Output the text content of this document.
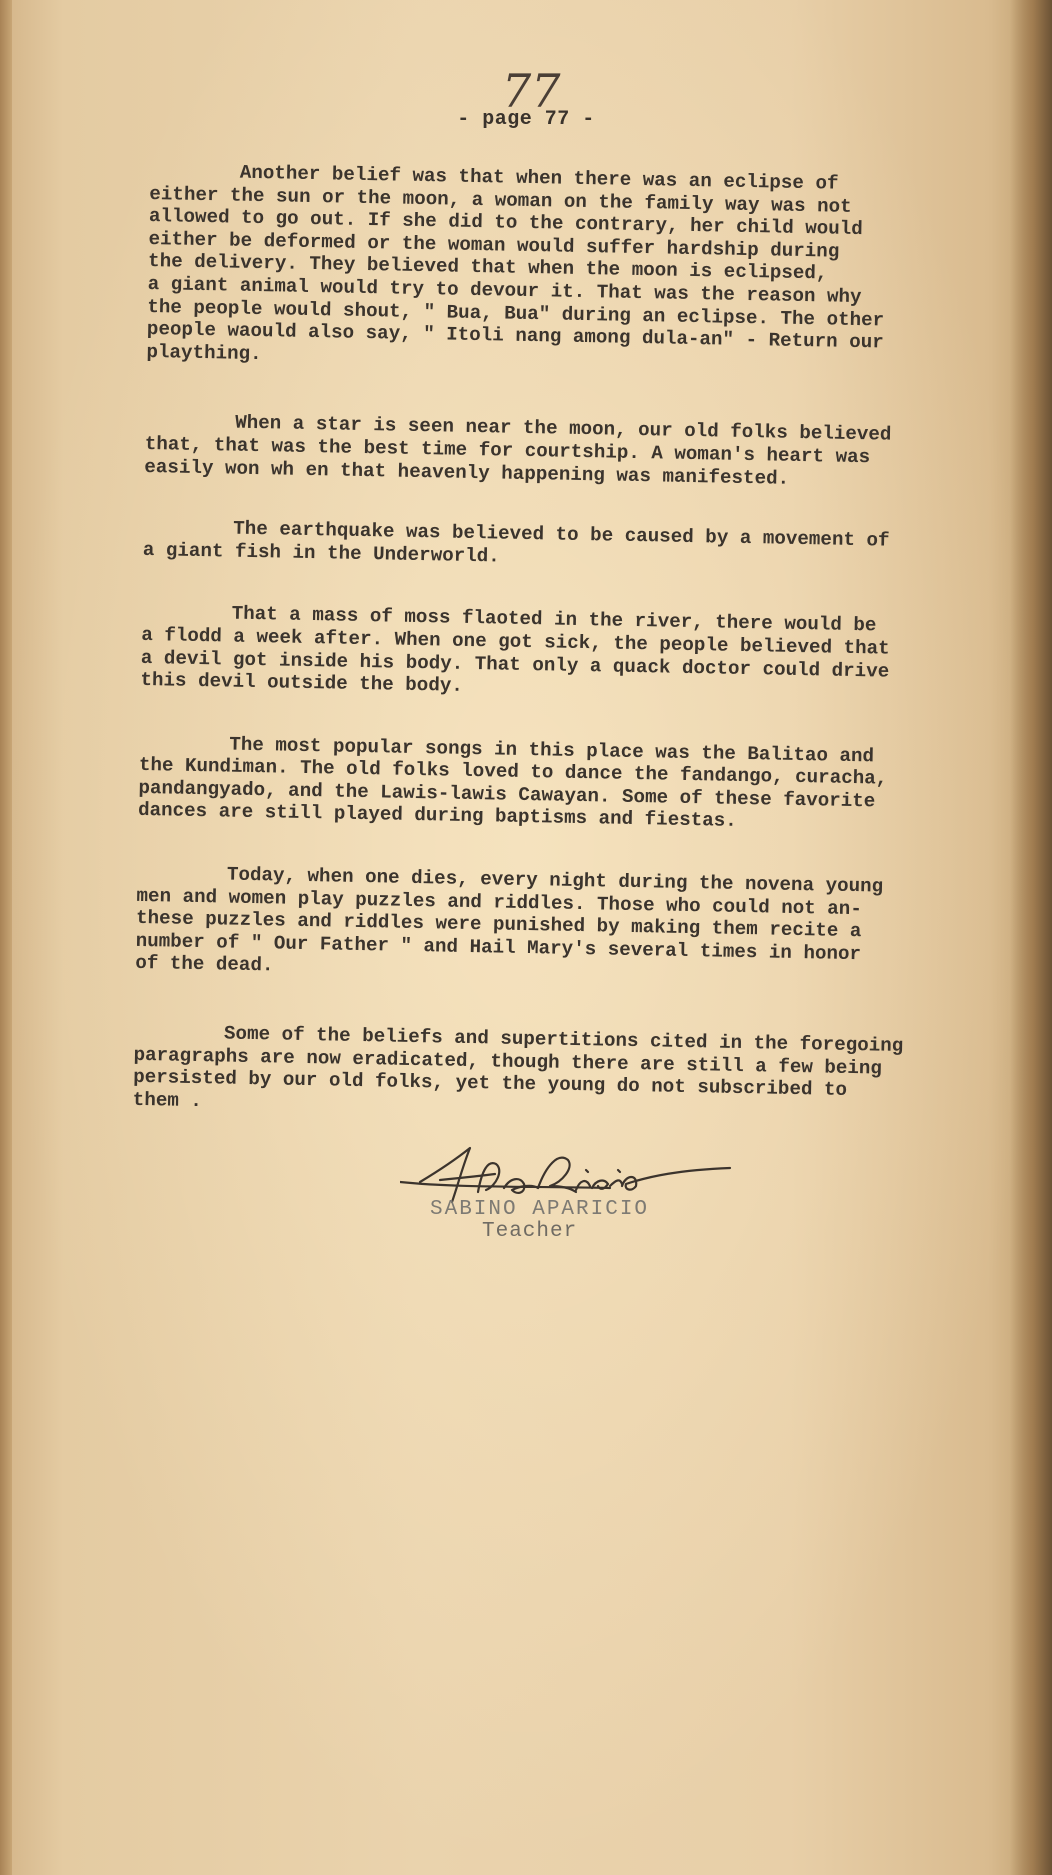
77
- page 77 -

Another belief was that when there was an eclipse of
either the sun or the moon, a woman on the family way was not
allowed to go out. If she did to the contrary, her child would
either be deformed or the woman would suffer hardship during
the delivery. They believed that when the moon is eclipsed,
a giant animal would try to devour it. That was the reason why
the people would shout, " Bua, Bua" during an eclipse. The other
people waould also say, " Itoli nang among dula-an" - Return our
plaything.

When a star is seen near the moon, our old folks believed
that, that was the best time for courtship. A woman's heart was
easily won wh en that heavenly happening was manifested.

The earthquake was believed to be caused by a movement of
a giant fish in the Underworld.

That a mass of moss flaoted in the river, there would be
a flodd a week after. When one got sick, the people believed that
a devil got inside his body. That only a quack doctor could drive
this devil outside the body.

The most popular songs in this place was the Balitao and
the Kundiman. The old folks loved to dance the fandango, curacha,
pandangyado, and the Lawis-lawis Cawayan. Some of these favorite
dances are still played during baptisms and fiestas.

Today, when one dies, every night during the novena young
men and women play puzzles and riddles. Those who could not an-
these puzzles and riddles were punished by making them recite a
number of " Our Father " and Hail Mary's several times in honor
of the dead.

Some of the beliefs and supertitions cited in the foregoing
paragraphs are now eradicated, though there are still a few being
persisted by our old folks, yet the young do not subscribed to
them .

SABINO APARICIO
Teacher
